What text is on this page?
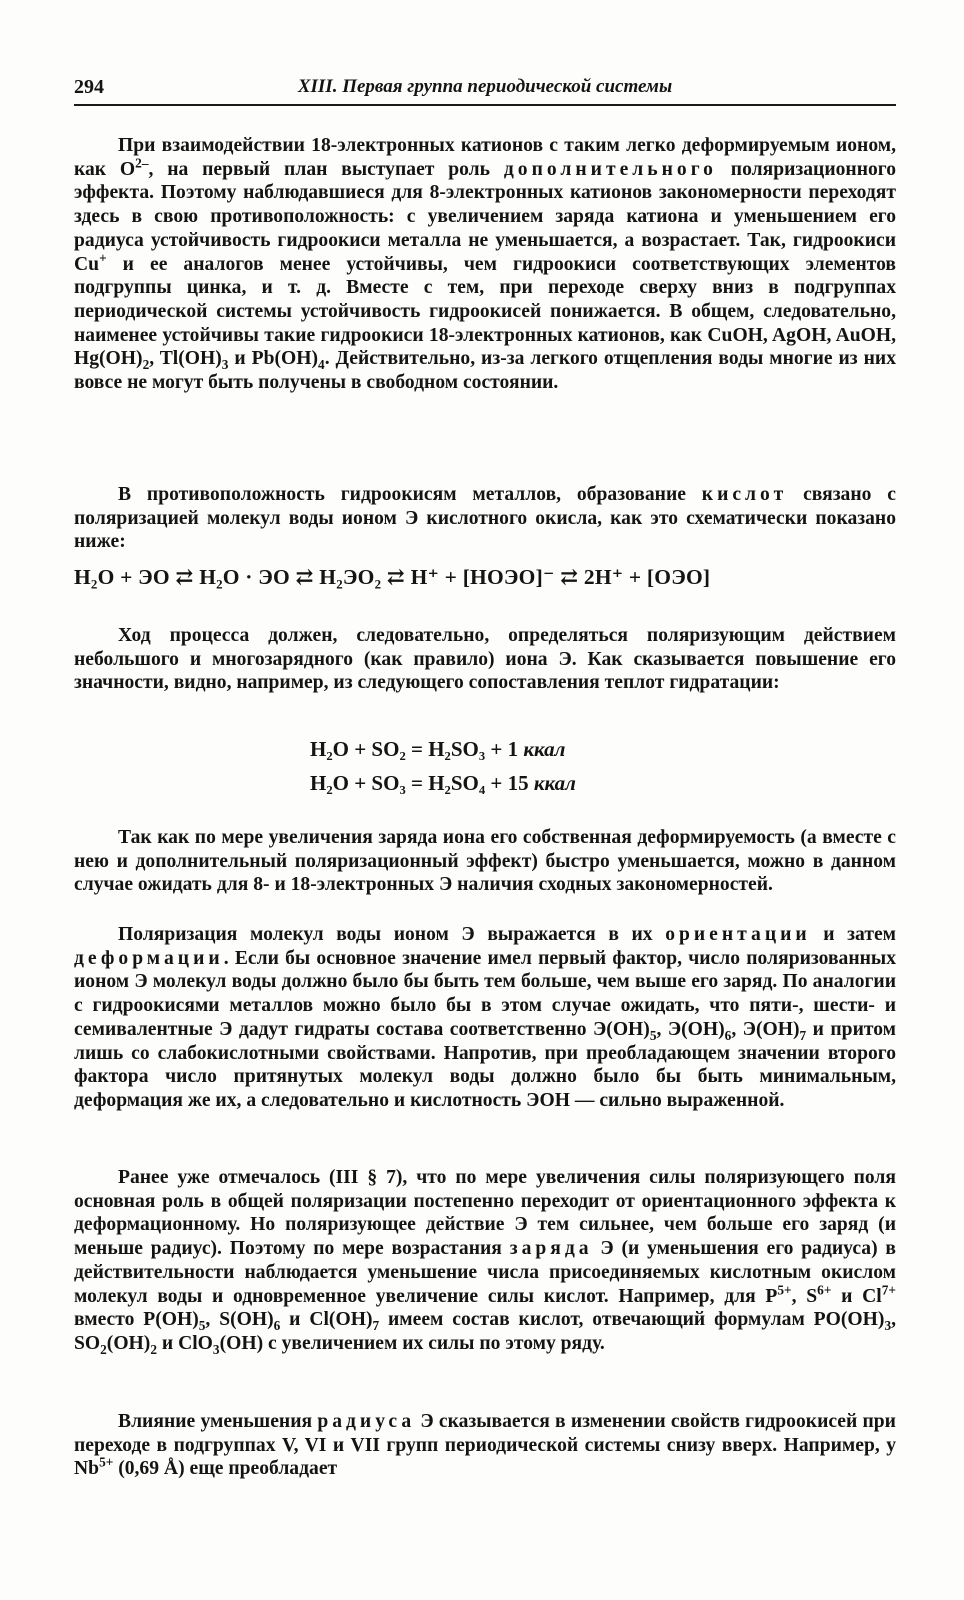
294	XIII. Первая группа периодической системы

При взаимодействии 18-электронных катионов с таким легко деформируемым ионом, как $O^{2-}$, на первый план выступает роль дополнительного поляризационного эффекта. Поэтому наблюдавшиеся для 8-электронных катионов закономерности переходят здесь в свою противоположность: с увеличением заряда катиона и уменьшением его радиуса устойчивость гидроокиси металла не уменьшается, а возрастает. Так, гидроокиси Cu+ и ее аналогов менее устойчивы, чем гидроокиси соответствующих элементов подгруппы цинка, и т. д. Вместе с тем, при переходе сверху вниз в подгруппах периодической системы устойчивость гидроокисей понижается. В общем, следовательно, наименее устойчивы такие гидроокиси 18-электронных катионов, как CuOH, AgOH, AuOH, $Hg(OH)_2$, $Tl(OH)_3$ и $Pb(OH)_4$. Действительно, из-за легкого отщепления воды многие из них вовсе не могут быть получены в свободном состоянии.

В противоположность гидроокисям металлов, образование кислот связано с поляризацией молекул воды ионом Э кислотного окисла, как это схематически показано ниже:

H₂O + ЭO ⇄ H₂O · ЭO ⇄ H₂ЭO₂ ⇄ H⁺ + [HOЭO]⁻ ⇄ 2H⁺ + [OЭO]

Ход процесса должен, следовательно, определяться поляризующим действием небольшого и многозарядного (как правило) иона Э. Как сказывается повышение его значности, видно, например, из следующего сопоставления теплот гидратации:

H₂O + SO₂ = H₂SO₃ + 1 ккал
H₂O + SO₃ = H₂SO₄ + 15 ккал

Так как по мере увеличения заряда иона его собственная деформируемость (а вместе с нею и дополнительный поляризационный эффект) быстро уменьшается, можно в данном случае ожидать для 8- и 18-электронных Э наличия сходных закономерностей.

Поляризация молекул воды ионом Э выражается в их ориентации и затем деформации. Если бы основное значение имел первый фактор, число поляризованных ионом Э молекул воды должно было бы быть тем больше, чем выше его заряд. По аналогии с гидроокисями металлов можно было бы в этом случае ожидать, что пяти-, шести- и семивалентные Э дадут гидраты состава соответственно $Э(OH)_5$, $Э(OH)_6$, $Э(OH)_7$ и притом лишь со слабокислотными свойствами. Напротив, при преобладающем значении второго фактора число притянутых молекул воды должно было бы быть минимальным, деформация же их, а следовательно и кислотность ЭOH — сильно выраженной.

Ранее уже отмечалось (III § 7), что по мере увеличения силы поляризующего поля основная роль в общей поляризации постепенно переходит от ориентационного эффекта к деформационному. Но поляризующее действие Э тем сильнее, чем больше его заряд (и меньше радиус). Поэтому по мере возрастания заряда Э (и уменьшения его радиуса) в действительности наблюдается уменьшение числа присоединяемых кислотным окислом молекул воды и одновременное увеличение силы кислот. Например, для $P^{5+}$, $S^{6+}$ и $Cl^{7+}$ вместо $P(OH)_5$, $S(OH)_6$ и $Cl(OH)_7$ имеем состав кислот, отвечающий формулам $PO(OH)_3$, $SO_2(OH)_2$ и ClO$_3$(OH) с увеличением их силы по этому ряду.

Влияние уменьшения радиуса Э сказывается в изменении свойств гидроокисей при переходе в подгруппах V, VI и VII групп периодической системы снизу вверх. Например, у $Nb^{5+}$ (0,69 Å) еще преобладает
